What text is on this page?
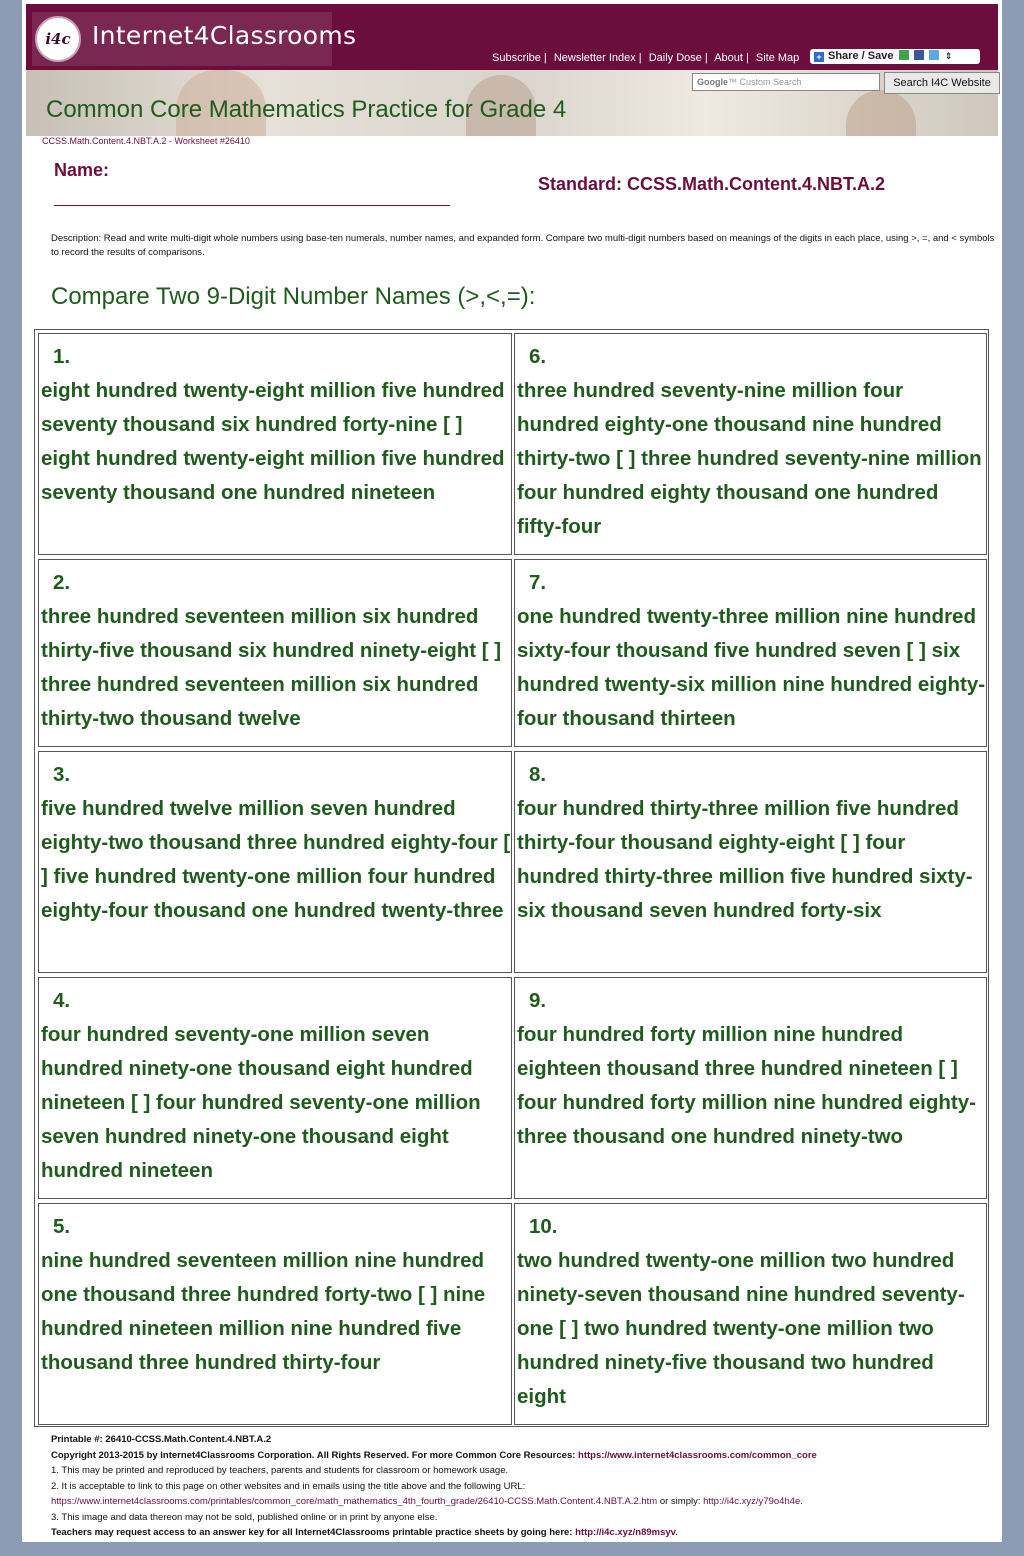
i4c Internet4Classrooms
Subscribe | Newsletter Index | Daily Dose | About | Site Map	+ Share / Save	⇕
Google™ Custom Search	Search I4C Website
Common Core Mathematics Practice for Grade 4
CCSS.Math.Content.4.NBT.A.2 - Worksheet #26410
Name:
Standard: CCSS.Math.Content.4.NBT.A.2
Description: Read and write multi-digit whole numbers using base-ten numerals, number names, and expanded form. Compare two multi-digit numbers based on meanings of the digits in each place, using >, =, and < symbols to record the results of comparisons.
Compare Two 9-Digit Number Names (>,<,=):
1.
eight hundred twenty-eight million five hundred seventy thousand six hundred forty-nine [ ] eight hundred twenty-eight million five hundred seventy thousand one hundred nineteen
2.
three hundred seventeen million six hundred thirty-five thousand six hundred ninety-eight [ ] three hundred seventeen million six hundred thirty-two thousand twelve
3.
five hundred twelve million seven hundred eighty-two thousand three hundred eighty-four [ ] five hundred twenty-one million four hundred eighty-four thousand one hundred twenty-three
4.
four hundred seventy-one million seven hundred ninety-one thousand eight hundred nineteen [ ] four hundred seventy-one million seven hundred ninety-one thousand eight hundred nineteen
5.
nine hundred seventeen million nine hundred one thousand three hundred forty-two [ ] nine hundred nineteen million nine hundred five thousand three hundred thirty-four
6.
three hundred seventy-nine million four hundred eighty-one thousand nine hundred thirty-two [ ] three hundred seventy-nine million four hundred eighty thousand one hundred fifty-four
7.
one hundred twenty-three million nine hundred sixty-four thousand five hundred seven [ ] six hundred twenty-six million nine hundred eighty-four thousand thirteen
8.
four hundred thirty-three million five hundred thirty-four thousand eighty-eight [ ] four hundred thirty-three million five hundred sixty-six thousand seven hundred forty-six
9.
four hundred forty million nine hundred eighteen thousand three hundred nineteen [ ] four hundred forty million nine hundred eighty-three thousand one hundred ninety-two
10.
two hundred twenty-one million two hundred ninety-seven thousand nine hundred seventy-one [ ] two hundred twenty-one million two hundred ninety-five thousand two hundred eight
Printable #: 26410-CCSS.Math.Content.4.NBT.A.2
Copyright 2013-2015 by Internet4Classrooms Corporation. All Rights Reserved. For more Common Core Resources: https://www.internet4classrooms.com/common_core
1. This may be printed and reproduced by teachers, parents and students for classroom or homework usage.
2. It is acceptable to link to this page on other websites and in emails using the title above and the following URL:
https://www.internet4classrooms.com/printables/common_core/math_mathematics_4th_fourth_grade/26410-CCSS.Math.Content.4.NBT.A.2.htm or simply: http://i4c.xyz/y79o4h4e.
3. This image and data thereon may not be sold, published online or in print by anyone else.
Teachers may request access to an answer key for all Internet4Classrooms printable practice sheets by going here: http://i4c.xyz/n89msyv.
